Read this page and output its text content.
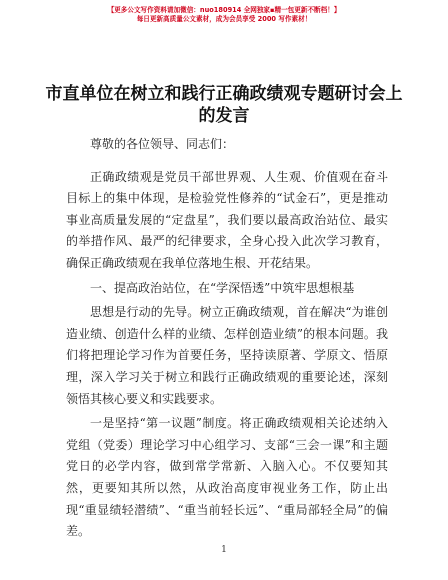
【更多公文写作资料请加微信：nuo180914 全网独家▪精一包更新不断档！】
每日更新高质量公文素材，成为会员享受 2000 写作素材！
市直单位在树立和践行正确政绩观专题研讨会上的发言

尊敬的各位领导、同志们：

正确政绩观是党员干部世界观、人生观、价值观在奋斗目标上的集中体现，是检验党性修养的“试金石”，更是推动事业高质量发展的“定盘星”，我们要以最高政治站位、最实的举措作风、最严的纪律要求，全身心投入此次学习教育，确保正确政绩观在我单位落地生根、开花结果。

一、提高政治站位，在“学深悟透”中筑牢思想根基

思想是行动的先导。树立正确政绩观，首在解决“为谁创造业绩、创造什么样的业绩、怎样创造业绩”的根本问题。我们将把理论学习作为首要任务，坚持读原著、学原文、悟原理，深入学习关于树立和践行正确政绩观的重要论述，深刻领悟其核心要义和实践要求。

一是坚持“第一议题”制度。将正确政绩观相关论述纳入党组（党委）理论学习中心组学习、支部“三会一课”和主题党日的必学内容，做到常学常新、入脑入心。不仅要知其然，更要知其所以然，从政治高度审视业务工作，防止出现“重显绩轻潜绩”、“重当前轻长远”、“重局部轻全局”的偏差。

1
